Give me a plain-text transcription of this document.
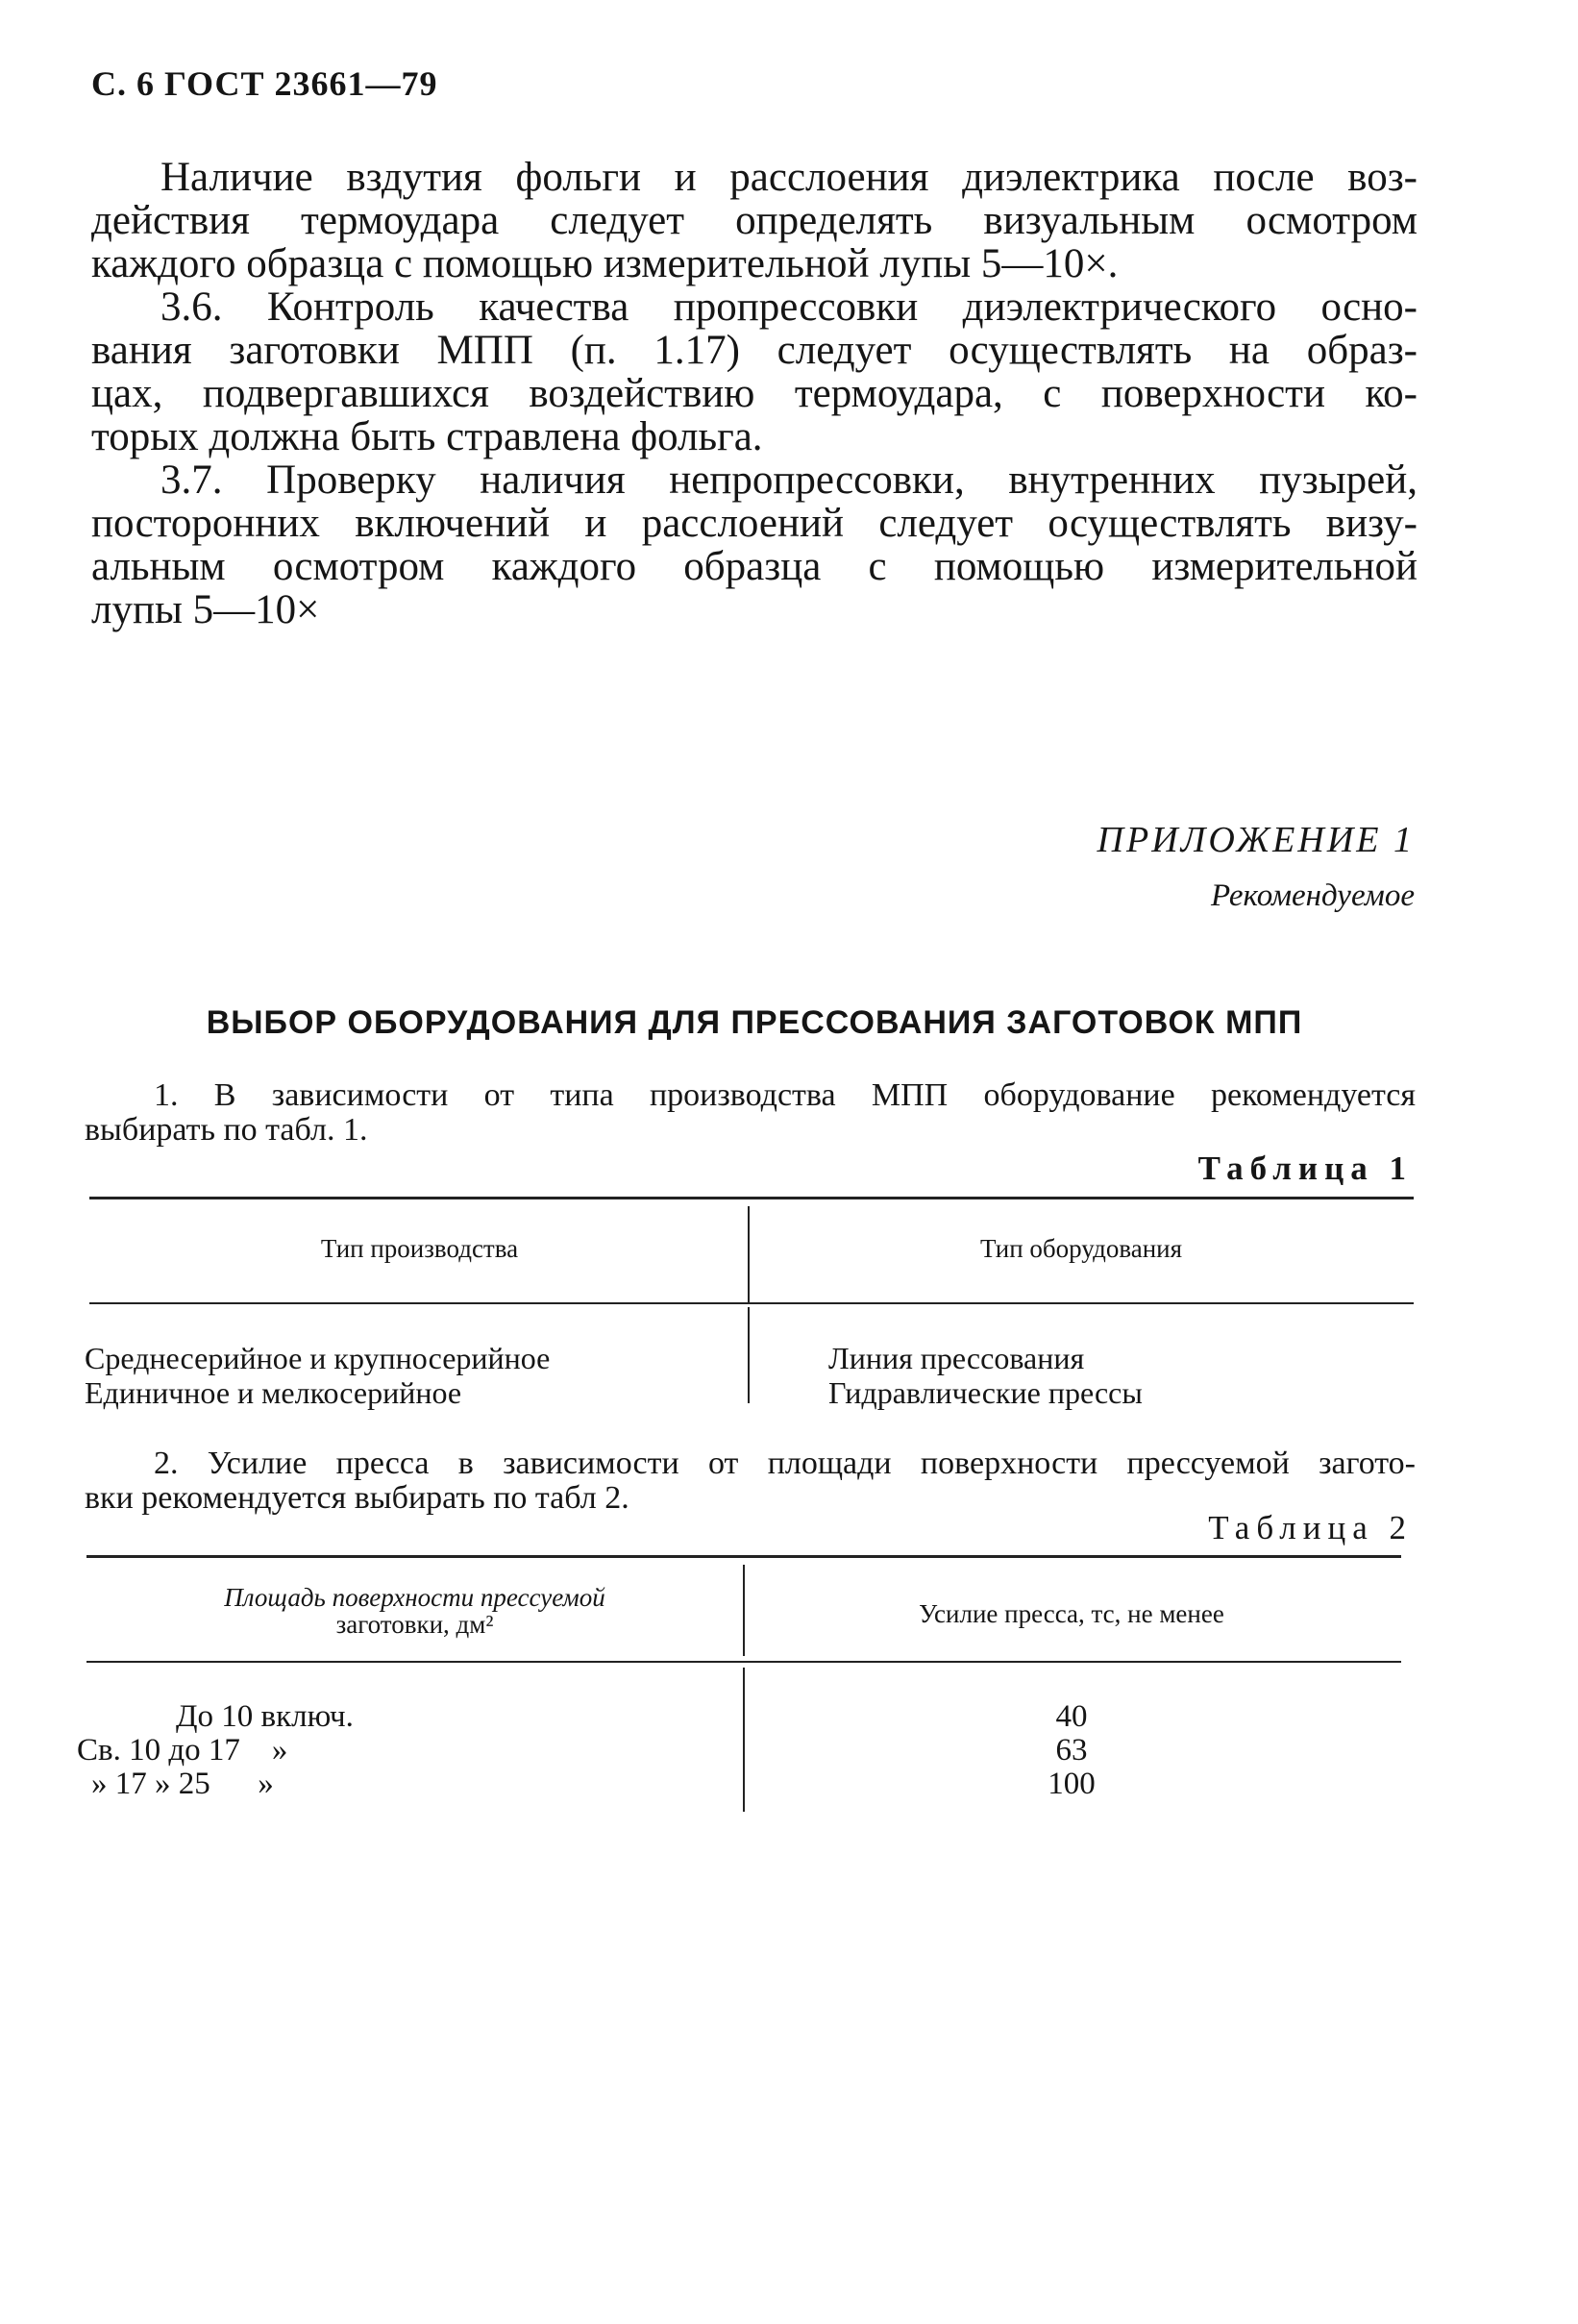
С. 6 ГОСТ 23661—79

Наличие вздутия фольги и расслоения диэлектрика после воз-

действия термоудара следует определять визуальным осмотром

каждого образца с помощью измерительной лупы 5—10×.

3.6. Контроль качества пропрессовки диэлектрического осно-

вания заготовки МПП (п. 1.17) следует осуществлять на образ-

цах, подвергавшихся воздействию термоудара, с поверхности ко-

торых должна быть стравлена фольга.

3.7. Проверку наличия непропрессовки, внутренних пузырей,

посторонних включений и расслоений следует осуществлять визу-

альным осмотром каждого образца с помощью измерительной

лупы 5—10×

ПРИЛОЖЕНИЕ 1
Рекомендуемое
ВЫБОР ОБОРУДОВАНИЯ ДЛЯ ПРЕССОВАНИЯ ЗАГОТОВОК МПП

1. В зависимости от типа производства МПП оборудование рекомендуется

выбирать по табл. 1.

Таблица 1
Тип производства	Тип оборудования
Среднесерийное и крупносерийное	Линия прессования
Единичное и мелкосерийное	Гидравлические прессы

2. Усилие пресса в зависимости от площади поверхности прессуемой загото-

вки рекомендуется выбирать по табл 2.

Таблица 2
Площадь поверхности прессуемой
заготовки, дм²	Усилие пресса, тс, не менее
До 10 включ.	40
Св. 10 до 17    »	63
» 17 » 25      »	100
